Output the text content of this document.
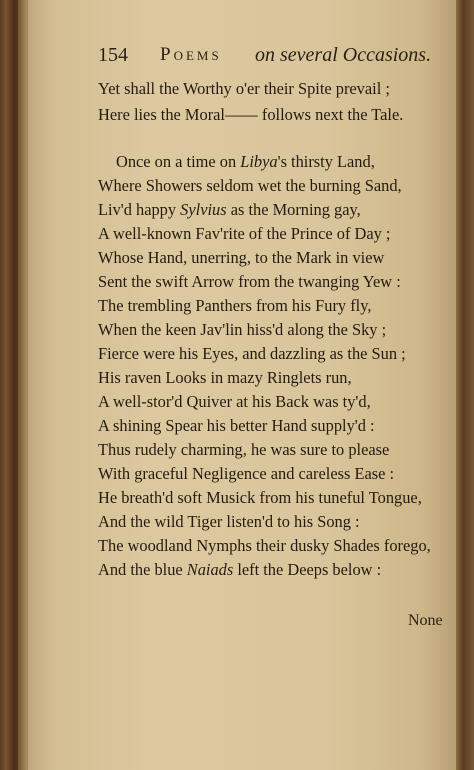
154 Poems on several Occasions.
Yet shall the Worthy o'er their Spite prevail ;
Here lies the Moral—— follows next the Tale.
Once on a time on Libya's thirsty Land,
Where Showers seldom wet the burning Sand,
Liv'd happy Sylvius as the Morning gay,
A well-known Fav'rite of the Prince of Day ;
Whose Hand, unerring, to the Mark in view
Sent the swift Arrow from the twanging Yew :
The trembling Panthers from his Fury fly,
When the keen Jav'lin hiss'd along the Sky ;
Fierce were his Eyes, and dazzling as the Sun ;
His raven Looks in mazy Ringlets run,
A well-stor'd Quiver at his Back was ty'd,
A shining Spear his better Hand supply'd :
Thus rudely charming, he was sure to please
With graceful Negligence and careless Ease :
He breath'd soft Musick from his tuneful Tongue,
And the wild Tiger listen'd to his Song :
The woodland Nymphs their dusky Shades forego,
And the blue Naiads left the Deeps below :
None
